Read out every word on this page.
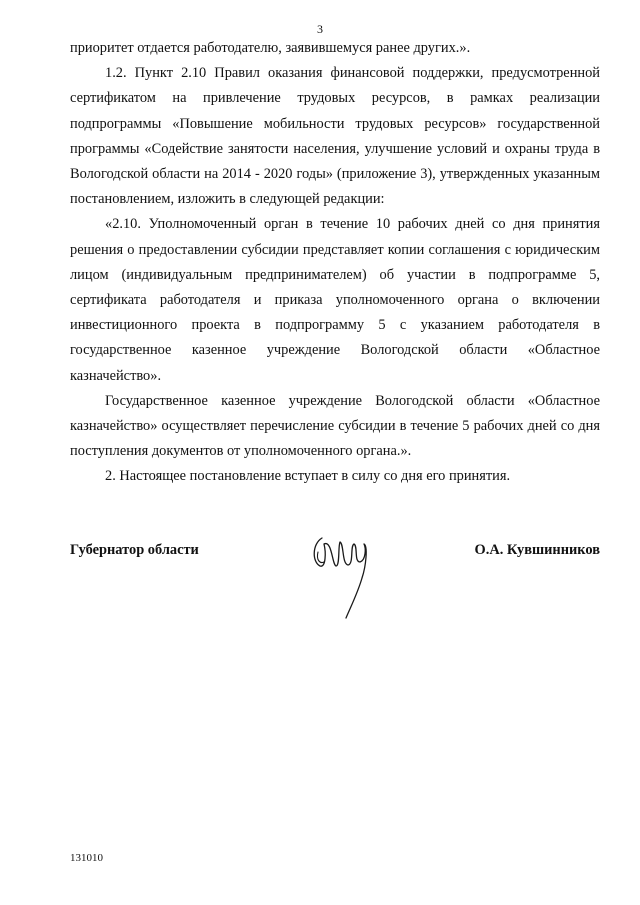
3

приоритет отдается работодателю, заявившемуся ранее других.».

1.2. Пункт 2.10 Правил оказания финансовой поддержки, предусмотренной сертификатом на привлечение трудовых ресурсов, в рамках реализации подпрограммы «Повышение мобильности трудовых ресурсов» государственной программы «Содействие занятости населения, улучшение условий и охраны труда в Вологодской области на 2014 - 2020 годы» (приложение 3), утвержденных указанным постановлением, изложить в следующей редакции:

«2.10. Уполномоченный орган в течение 10 рабочих дней со дня принятия решения о предоставлении субсидии представляет копии соглашения с юридическим лицом (индивидуальным предпринимателем) об участии в подпрограмме 5, сертификата работодателя и приказа уполномоченного органа о включении инвестиционного проекта в подпрограмму 5 с указанием работодателя в государственное казенное учреждение Вологодской области «Областное казначейство».

Государственное казенное учреждение Вологодской области «Областное казначейство» осуществляет перечисление субсидии в течение 5 рабочих дней со дня поступления документов от уполномоченного органа.».

2. Настоящее постановление вступает в силу со дня его принятия.

Губернатор области	О.А. Кувшинников
131010
